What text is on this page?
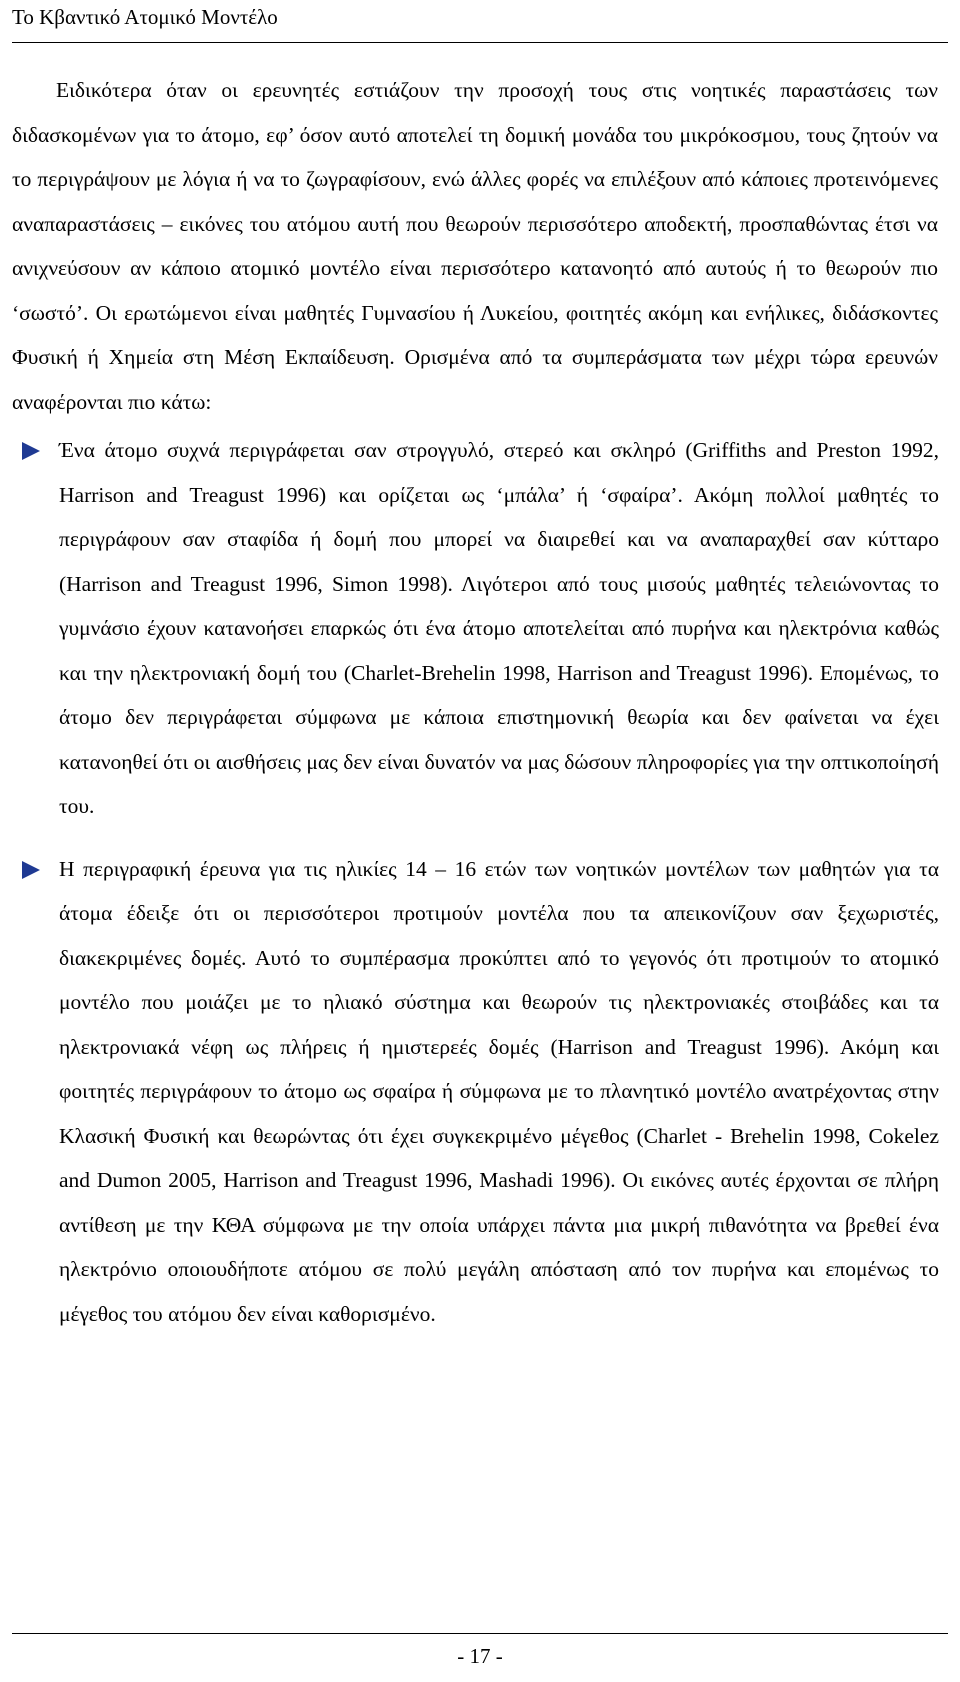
Το Κβαντικό Ατομικό Μοντέλο

Ειδικότερα όταν οι ερευνητές εστιάζουν την προσοχή τους στις νοητικές παραστάσεις των διδασκομένων για το άτομο, εφ’ όσον αυτό αποτελεί τη δομική μονάδα του μικρόκοσμου, τους ζητούν να το περιγράψουν με λόγια ή να το ζωγραφίσουν, ενώ άλλες φορές να επιλέξουν από κάποιες προτεινόμενες αναπαραστάσεις – εικόνες του ατόμου αυτή που θεωρούν περισσότερο αποδεκτή, προσπαθώντας έτσι να ανιχνεύσουν αν κάποιο ατομικό μοντέλο είναι περισσότερο κατανοητό από αυτούς ή το θεωρούν πιο ‘σωστό’. Οι ερωτώμενοι είναι μαθητές Γυμνασίου ή Λυκείου, φοιτητές ακόμη και ενήλικες, διδάσκοντες Φυσική ή Χημεία στη Μέση Εκπαίδευση. Ορισμένα από τα συμπεράσματα των μέχρι τώρα ερευνών αναφέρονται πιο κάτω:

Ένα άτομο συχνά περιγράφεται σαν στρογγυλό, στερεό και σκληρό (Griffiths and Preston 1992, Harrison and Treagust 1996) και ορίζεται ως ‘μπάλα’ ή ‘σφαίρα’. Ακόμη πολλοί μαθητές το περιγράφουν σαν σταφίδα ή δομή που μπορεί να διαιρεθεί και να αναπαραχθεί σαν κύτταρο (Harrison and Treagust 1996, Simon 1998). Λιγότεροι από τους μισούς μαθητές τελειώνοντας το γυμνάσιο έχουν κατανοήσει επαρκώς ότι ένα άτομο αποτελείται από πυρήνα και ηλεκτρόνια καθώς και την ηλεκτρονιακή δομή του (Charlet-Brehelin 1998, Harrison and Treagust 1996). Επομένως, το άτομο δεν περιγράφεται σύμφωνα με κάποια επιστημονική θεωρία και δεν φαίνεται να έχει κατανοηθεί ότι οι αισθήσεις μας δεν είναι δυνατόν να μας δώσουν πληροφορίες για την οπτικοποίησή του.
Η περιγραφική έρευνα για τις ηλικίες 14 – 16 ετών των νοητικών μοντέλων των μαθητών για τα άτομα έδειξε ότι οι περισσότεροι προτιμούν μοντέλα που τα απεικονίζουν σαν ξεχωριστές, διακεκριμένες δομές. Αυτό το συμπέρασμα προκύπτει από το γεγονός ότι προτιμούν το ατομικό μοντέλο που μοιάζει με το ηλιακό σύστημα και θεωρούν τις ηλεκτρονιακές στοιβάδες και τα ηλεκτρονιακά νέφη ως πλήρεις ή ημιστερεές δομές (Harrison and Treagust 1996). Ακόμη και φοιτητές περιγράφουν το άτομο ως σφαίρα ή σύμφωνα με το πλανητικό μοντέλο ανατρέχοντας στην Κλασική Φυσική και θεωρώντας ότι έχει συγκεκριμένο μέγεθος (Charlet - Brehelin 1998, Cokelez and Dumon 2005, Harrison and Treagust 1996, Mashadi 1996). Οι εικόνες αυτές έρχονται σε πλήρη αντίθεση με την ΚΘΑ σύμφωνα με την οποία υπάρχει πάντα μια μικρή πιθανότητα να βρεθεί ένα ηλεκτρόνιο οποιουδήποτε ατόμου σε πολύ μεγάλη απόσταση από τον πυρήνα και επομένως το μέγεθος του ατόμου δεν είναι καθορισμένο.
- 17 -
